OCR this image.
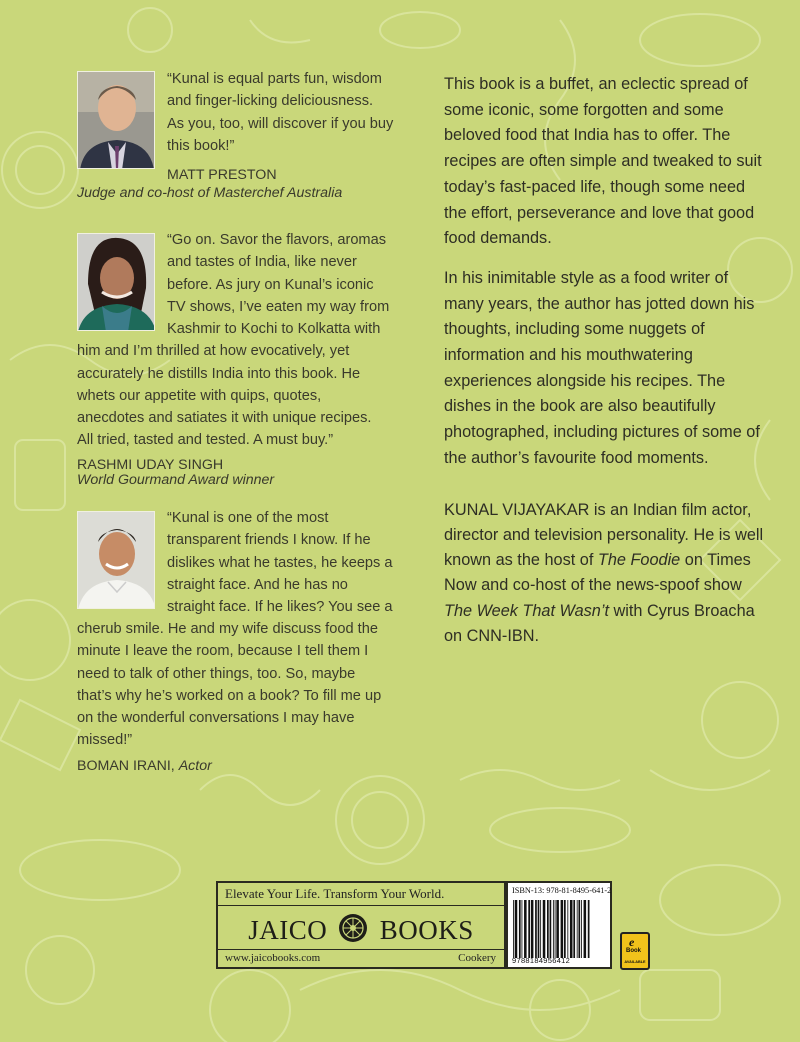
“Kunal is equal parts fun, wisdom
and finger-licking deliciousness.
As you, too, will discover if you buy
this book!”
MATT PRESTON
Judge and co-host of Masterchef Australia
“Go on. Savor the flavors, aromas
and tastes of India, like never
before. As jury on Kunal’s iconic
TV shows, I’ve eaten my way from
Kashmir to Kochi to Kolkatta with
him and I’m thrilled at how evocatively, yet
accurately he distills India into this book. He
whets our appetite with quips, quotes,
anecdotes and satiates it with unique recipes.
All tried, tasted and tested. A must buy.”
RASHMI UDAY SINGH
World Gourmand Award winner
“Kunal is one of the most
transparent friends I know. If he
dislikes what he tastes, he keeps a
straight face. And he has no
straight face. If he likes? You see a
cherub smile. He and my wife discuss food the
minute I leave the room, because I tell them I
need to talk of other things, too. So, maybe
that’s why he’s worked on a book? To fill me up
on the wonderful conversations I may have
missed!”
BOMAN IRANI, Actor

This book is a buffet, an eclectic spread of some iconic, some forgotten and some beloved food that India has to offer. The recipes are often simple and tweaked to suit today’s fast-paced life, though some need the effort, perseverance and love that good food demands.

In his inimitable style as a food writer of many years, the author has jotted down his thoughts, including some nuggets of information and his mouthwatering experiences alongside his recipes. The dishes in the book are also beautifully photographed, including pictures of some of the author’s favourite food moments.

KUNAL VIJAYAKAR is an Indian film actor, director and television personality. He is well known as the host of The Foodie on Times Now and co-host of the news-spoof show The Week That Wasn’t with Cyrus Broacha on CNN-IBN.

Elevate Your Life. Transform Your World.
JAICO BOOKS
www.jaicobooks.com	Cookery
ISBN-13: 978-81-8495-641-2
9788184956412
e
Book
AVAILABLE
